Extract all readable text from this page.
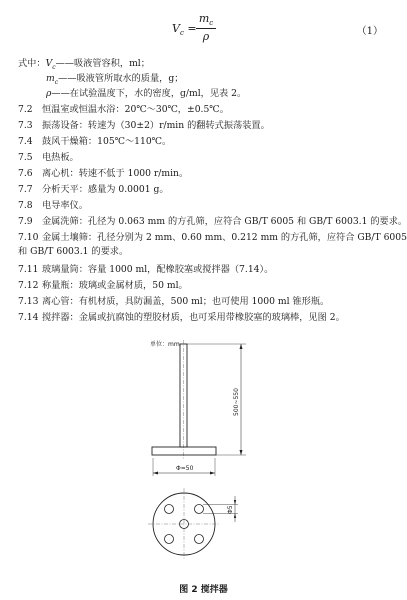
$V_c$ =
$m_c$
ρ	（1）
式中：$V_c——$吸液管容积，ml；
$m_c——$吸液管所取水的质量，g；
ρ——在试验温度下，水的密度，g/ml，见表 2。
7.2 恒温室或恒温水浴：20℃～30℃，±0.5℃。
7.3 振荡设备：转速为（30±2）r/min 的翻转式振荡装置。
7.4 鼓风干燥箱：105℃～110℃。
7.5 电热板。
7.6 离心机：转速不低于 1000 r/min。
7.7 分析天平：感量为 0.0001 g。
7.8 电导率仪。
7.9 金属洗筛：孔径为 0.063 mm 的方孔筛，应符合 GB/T 6005 和 GB/T 6003.1 的要求。
7.10 金属土壤筛：孔径分别为 2 mm、0.60 mm、0.212 mm 的方孔筛，应符合 GB/T 6005
和 GB/T 6003.1 的要求。
7.11 玻璃量筒：容量 1000 ml，配橡胶塞或搅拌器（7.14）。
7.12 称量瓶：玻璃或金属材质，50 ml。
7.13 离心管：有机材质，具防漏盖，500 ml；也可使用 1000 ml 锥形瓶。
7.14 搅拌器：金属或抗腐蚀的塑胶材质，也可采用带橡胶塞的玻璃棒，见图 2。
单位：mm
500~550
Φ=50
Φ5
图 2 搅拌器
